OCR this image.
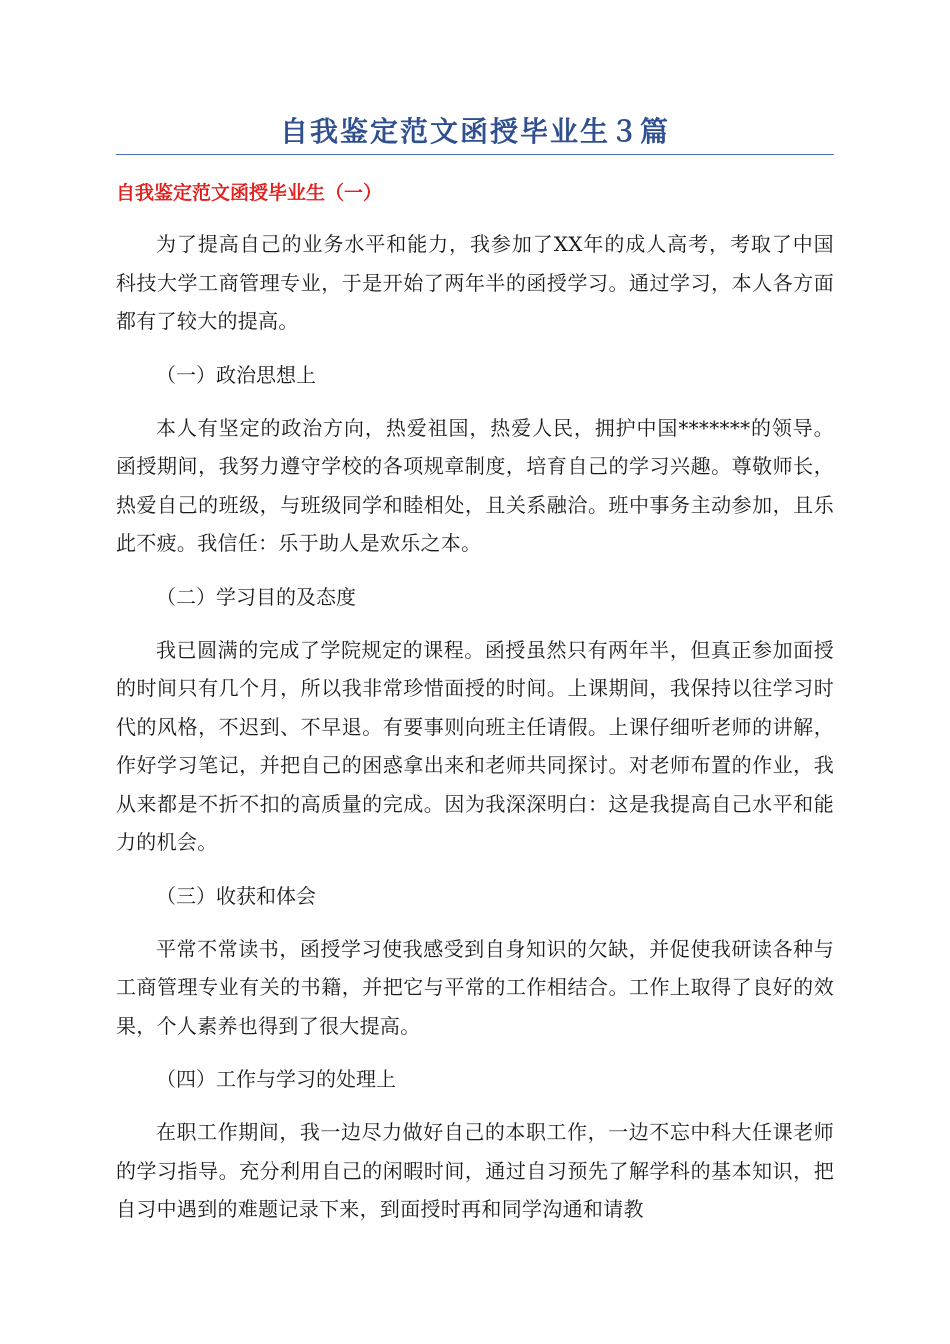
自我鉴定范文函授毕业生３篇
自我鉴定范文函授毕业生（一）

为了提高自己的业务水平和能力，我参加了XX年的成人高考，考取了中国科技大学工商管理专业，于是开始了两年半的函授学习。通过学习，本人各方面都有了较大的提高。

（一）政治思想上

本人有坚定的政治方向，热爱祖国，热爱人民，拥护中国*******的领导。函授期间，我努力遵守学校的各项规章制度，培育自己的学习兴趣。尊敬师长，热爱自己的班级，与班级同学和睦相处，且关系融洽。班中事务主动参加，且乐此不疲。我信任：乐于助人是欢乐之本。

（二）学习目的及态度

我已圆满的完成了学院规定的课程。函授虽然只有两年半，但真正参加面授的时间只有几个月，所以我非常珍惜面授的时间。上课期间，我保持以往学习时代的风格，不迟到、不早退。有要事则向班主任请假。上课仔细听老师的讲解，作好学习笔记，并把自己的困惑拿出来和老师共同探讨。对老师布置的作业，我从来都是不折不扣的高质量的完成。因为我深深明白：这是我提高自己水平和能力的机会。

（三）收获和体会

平常不常读书，函授学习使我感受到自身知识的欠缺，并促使我研读各种与工商管理专业有关的书籍，并把它与平常的工作相结合。工作上取得了良好的效果，个人素养也得到了很大提高。

（四）工作与学习的处理上

在职工作期间，我一边尽力做好自己的本职工作，一边不忘中科大任课老师的学习指导。充分利用自己的闲暇时间，通过自习预先了解学科的基本知识，把自习中遇到的难题记录下来，到面授时再和同学沟通和请教
